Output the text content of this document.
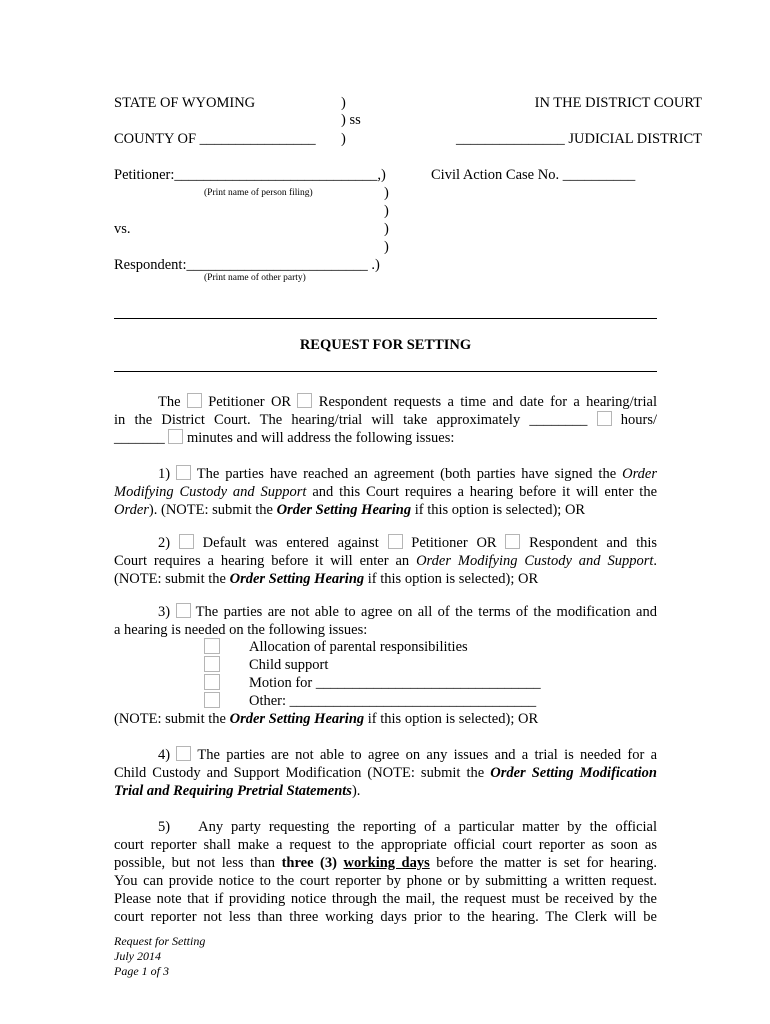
STATE OF WYOMING	)	IN THE DISTRICT COURT
) ss
COUNTY OF ________________ )	_______________ JUDICIAL DISTRICT
Petitioner:____________________________,)	Civil Action Case No. __________
(Print name of person filing)	)
)
vs.	)
)
Respondent:_________________________ .)
(Print name of other party)
REQUEST FOR SETTING
The Petitioner OR Respondent requests a time and date for a hearing/trial
in the District Court. The hearing/trial will take approximately ________ hours/
_______ minutes and will address the following issues:
1) The parties have reached an agreement (both parties have signed the Order
Modifying Custody and Support and this Court requires a hearing before it will enter the
Order). (NOTE: submit the Order Setting Hearing if this option is selected); OR
2) Default was entered against Petitioner OR Respondent and this
Court requires a hearing before it will enter an Order Modifying Custody and Support.
(NOTE: submit the Order Setting Hearing if this option is selected); OR
3) The parties are not able to agree on all of the terms of the modification and
a hearing is needed on the following issues:
Allocation of parental responsibilities
Child support
Motion for _______________________________
Other: __________________________________
(NOTE: submit the Order Setting Hearing if this option is selected); OR
4) The parties are not able to agree on any issues and a trial is needed for a
Child Custody and Support Modification (NOTE: submit the Order Setting Modification
Trial and Requiring Pretrial Statements).
5) Any party requesting the reporting of a particular matter by the official
court reporter shall make a request to the appropriate official court reporter as soon as
possible, but not less than three (3) working days before the matter is set for hearing.
You can provide notice to the court reporter by phone or by submitting a written request.
Please note that if providing notice through the mail, the request must be received by the
court reporter not less than three working days prior to the hearing. The Clerk will be
Request for Setting
July 2014
Page 1 of 3
